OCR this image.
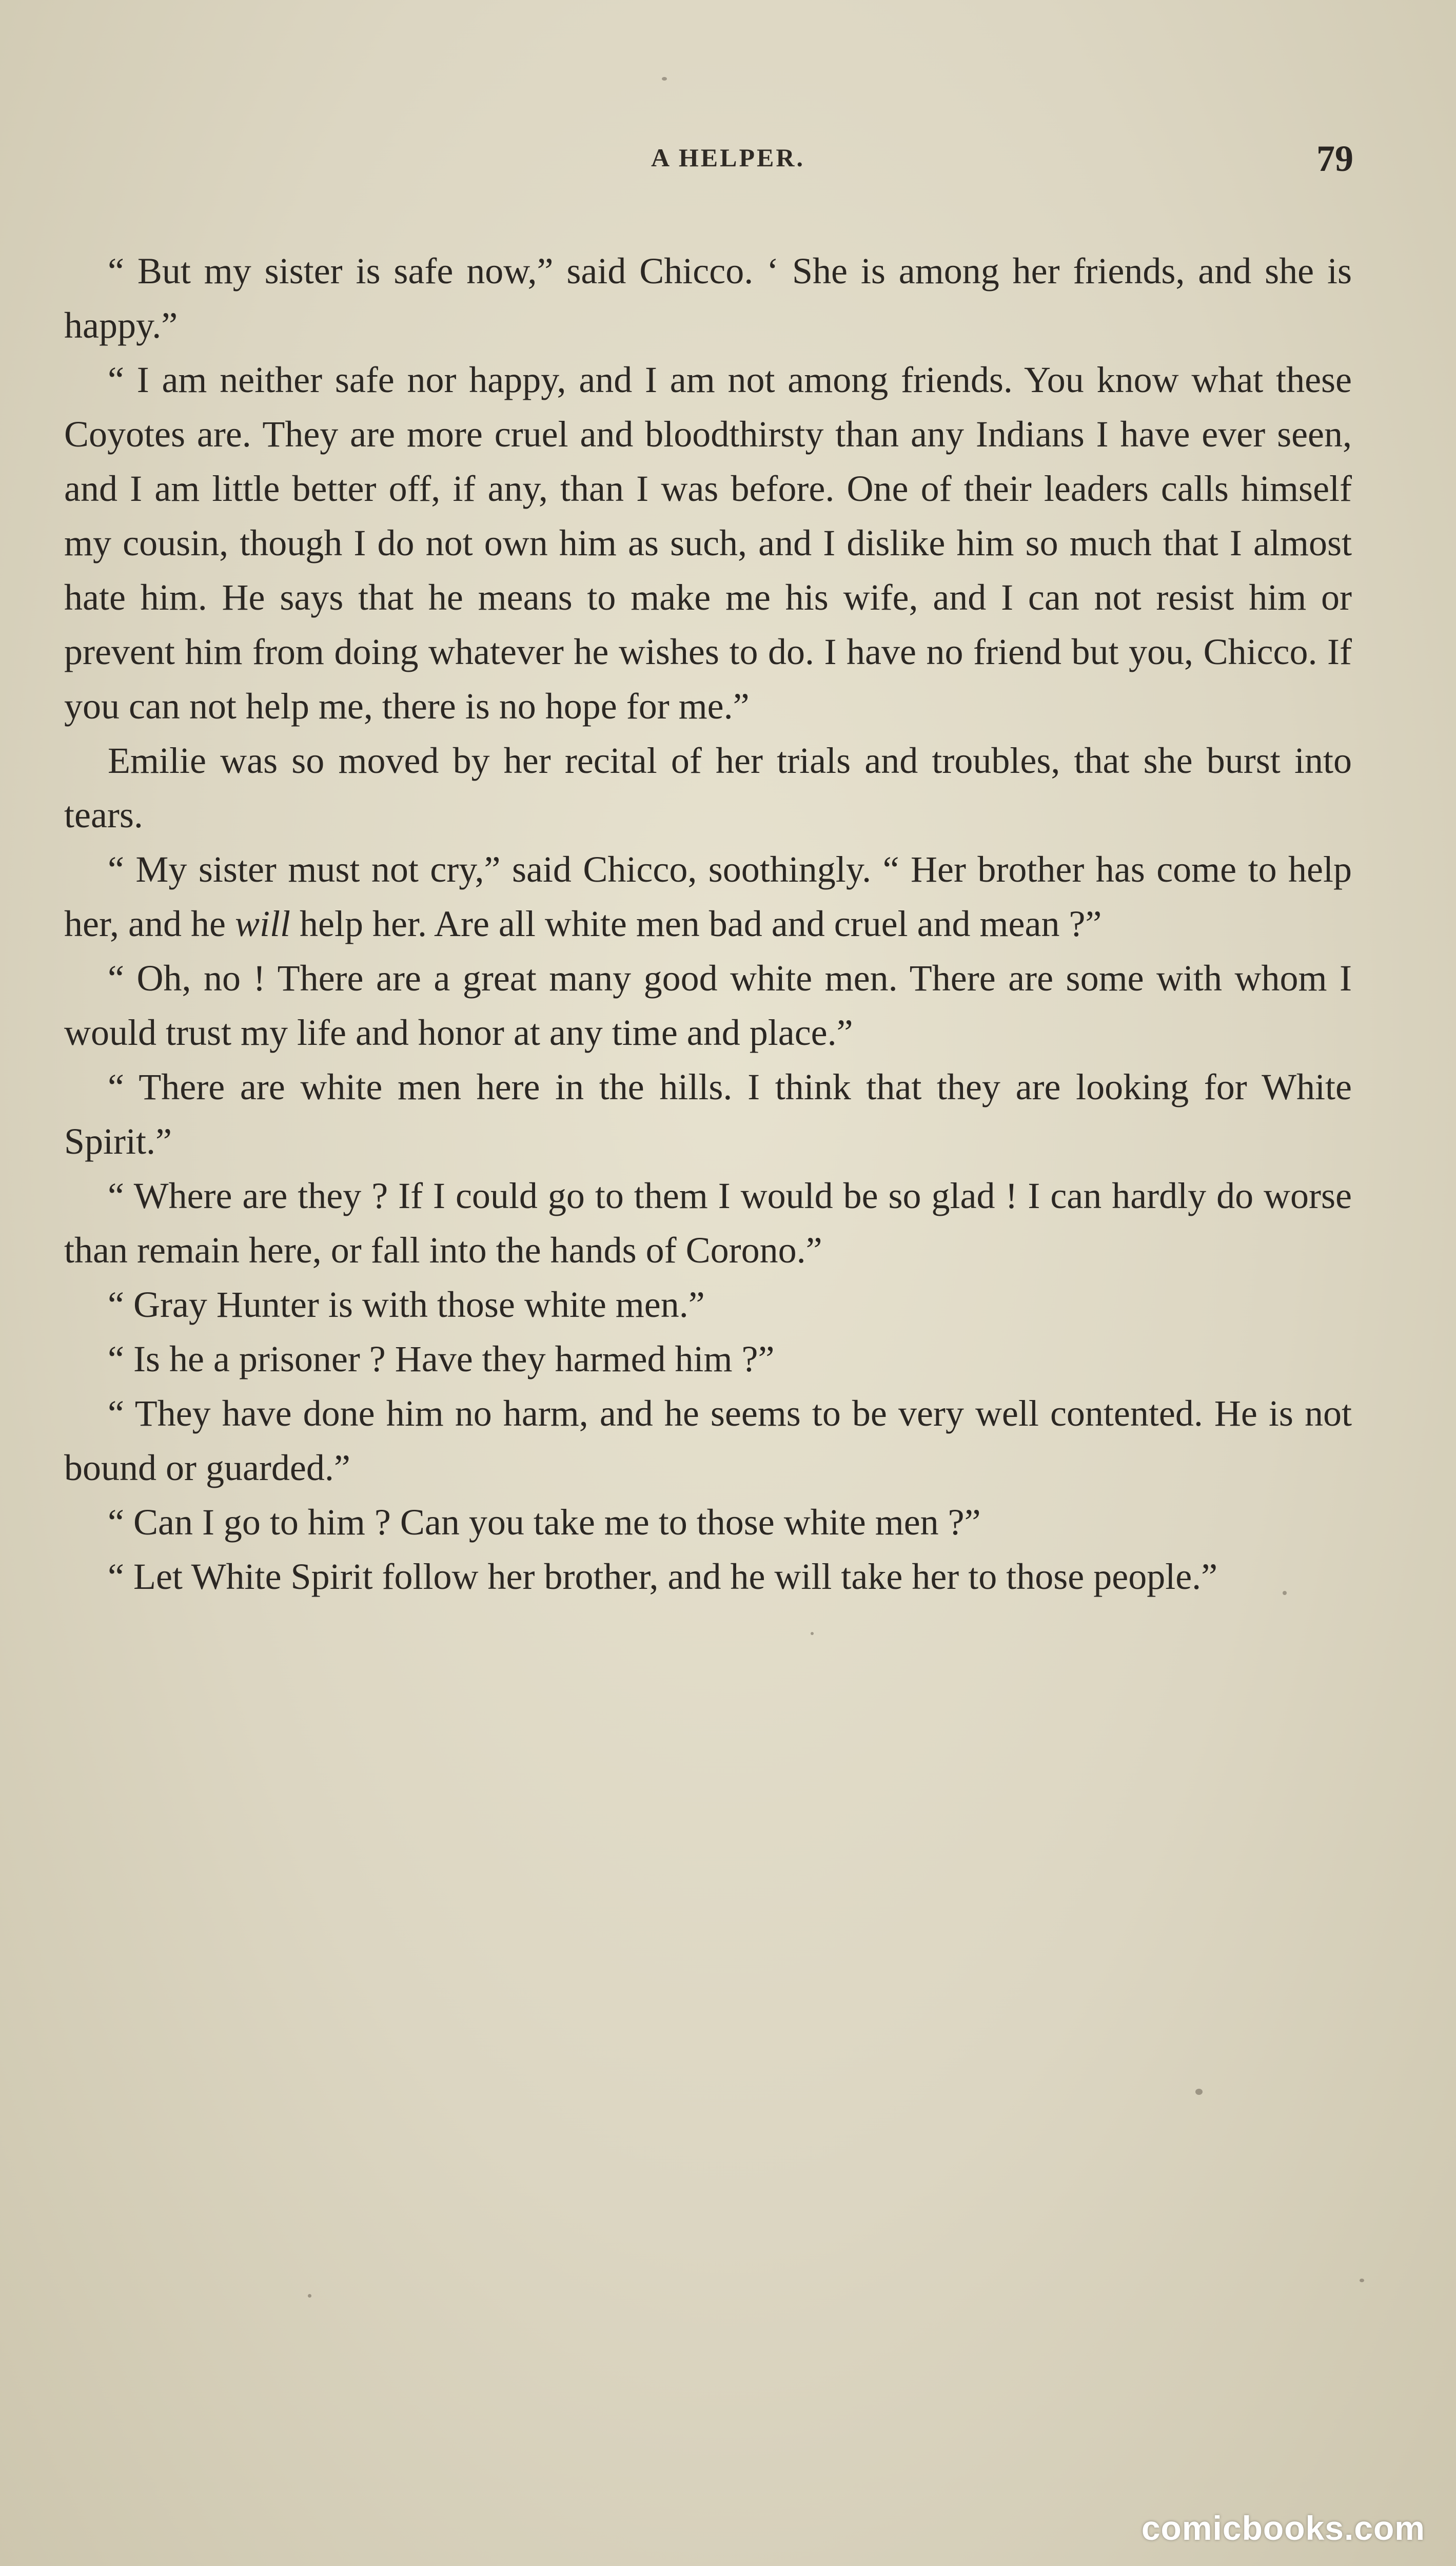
A HELPER.	79

“ But my sister is safe now,” said Chicco. ‘ She is among her friends, and she is happy.”

“ I am neither safe nor happy, and I am not among friends. You know what these Coyotes are. They are more cruel and bloodthirsty than any Indians I have ever seen, and I am little better off, if any, than I was before. One of their leaders calls himself my cousin, though I do not own him as such, and I dislike him so much that I almost hate him. He says that he means to make me his wife, and I can not resist him or prevent him from doing whatever he wishes to do. I have no friend but you, Chicco. If you can not help me, there is no hope for me.”

Emilie was so moved by her recital of her trials and troubles, that she burst into tears.

“ My sister must not cry,” said Chicco, soothingly. “ Her brother has come to help her, and he will help her. Are all white men bad and cruel and mean ?”

“ Oh, no ! There are a great many good white men. There are some with whom I would trust my life and honor at any time and place.”

“ There are white men here in the hills. I think that they are looking for White Spirit.”

“ Where are they ? If I could go to them I would be so glad ! I can hardly do worse than remain here, or fall into the hands of Corono.”

“ Gray Hunter is with those white men.”

“ Is he a prisoner ? Have they harmed him ?”

“ They have done him no harm, and he seems to be very well contented. He is not bound or guarded.”

“ Can I go to him ? Can you take me to those white men ?”

“ Let White Spirit follow her brother, and he will take her to those people.”

comicbooks.com
